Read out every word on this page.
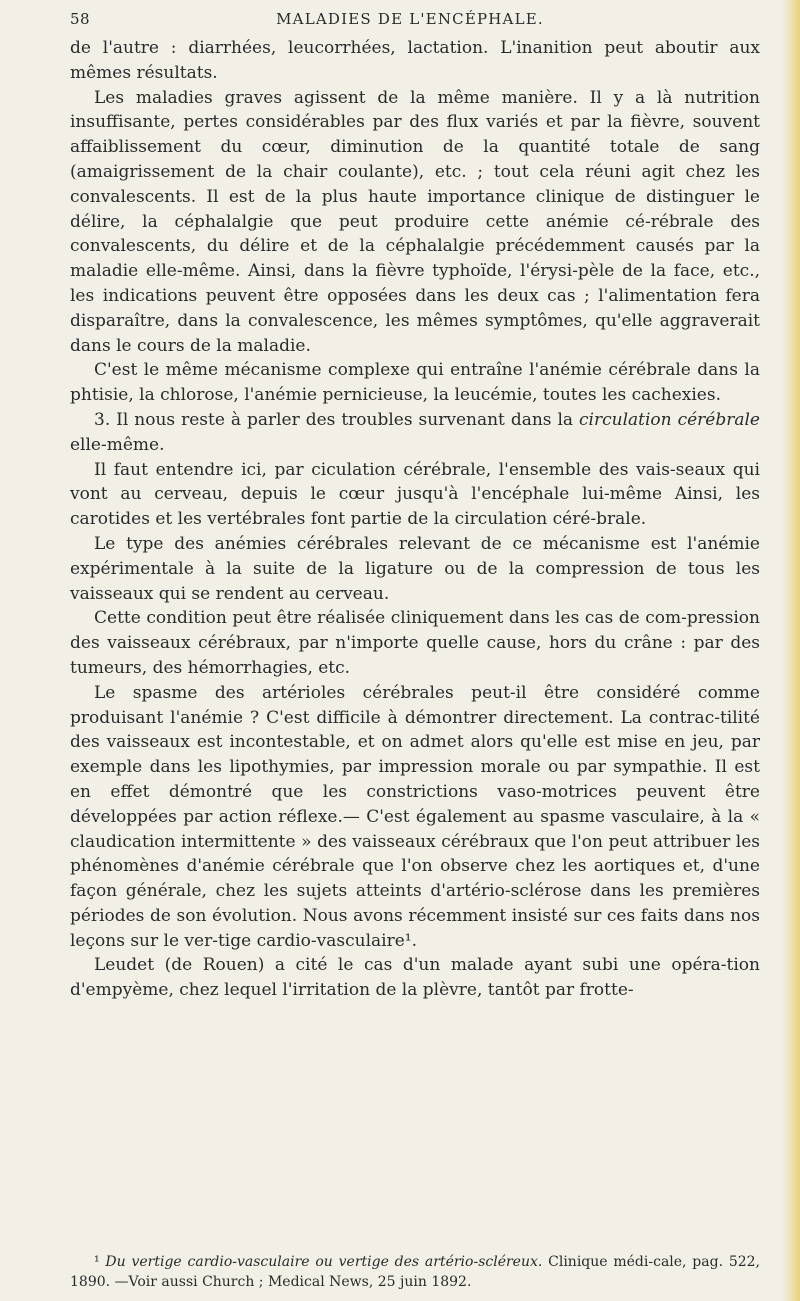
58	MALADIES DE L'ENCÉPHALE.

de l'autre : diarrhées, leucorrhées, lactation. L'inanition peut aboutir aux mêmes résultats.

Les maladies graves agissent de la même manière. Il y a là nutrition insuffisante, pertes considérables par des flux variés et par la fièvre, souvent affaiblissement du cœur, diminution de la quantité totale de sang (amaigrissement de la chair coulante), etc. ; tout cela réuni agit chez les convalescents. Il est de la plus haute importance clinique de distinguer le délire, la céphalalgie que peut produire cette anémie cé-rébrale des convalescents, du délire et de la céphalalgie précédemment causés par la maladie elle-même. Ainsi, dans la fièvre typhoïde, l'érysi-pèle de la face, etc., les indications peuvent être opposées dans les deux cas ; l'alimentation fera disparaître, dans la convalescence, les mêmes symptômes, qu'elle aggraverait dans le cours de la maladie.

C'est le même mécanisme complexe qui entraîne l'anémie cérébrale dans la phtisie, la chlorose, l'anémie pernicieuse, la leucémie, toutes les cachexies.

3. Il nous reste à parler des troubles survenant dans la circulation cérébrale elle-même.

Il faut entendre ici, par ciculation cérébrale, l'ensemble des vais-seaux qui vont au cerveau, depuis le cœur jusqu'à l'encéphale lui-même Ainsi, les carotides et les vertébrales font partie de la circulation céré-brale.

Le type des anémies cérébrales relevant de ce mécanisme est l'anémie expérimentale à la suite de la ligature ou de la compression de tous les vaisseaux qui se rendent au cerveau.

Cette condition peut être réalisée cliniquement dans les cas de com-pression des vaisseaux cérébraux, par n'importe quelle cause, hors du crâne : par des tumeurs, des hémorrhagies, etc.

Le spasme des artérioles cérébrales peut-il être considéré comme produisant l'anémie ? C'est difficile à démontrer directement. La contrac-tilité des vaisseaux est incontestable, et on admet alors qu'elle est mise en jeu, par exemple dans les lipothymies, par impression morale ou par sympathie. Il est en effet démontré que les constrictions vaso-motrices peuvent être développées par action réflexe.— C'est également au spasme vasculaire, à la « claudication intermittente » des vaisseaux cérébraux que l'on peut attribuer les phénomènes d'anémie cérébrale que l'on observe chez les aortiques et, d'une façon générale, chez les sujets atteints d'artério-sclérose dans les premières périodes de son évolution. Nous avons récemment insisté sur ces faits dans nos leçons sur le ver-tige cardio-vasculaire¹.

Leudet (de Rouen) a cité le cas d'un malade ayant subi une opéra-tion d'empyème, chez lequel l'irritation de la plèvre, tantôt par frotte-

¹ Du vertige cardio-vasculaire ou vertige des artério-scléreux. Clinique médi-cale, pag. 522, 1890. —Voir aussi Church ; Medical News, 25 juin 1892.
